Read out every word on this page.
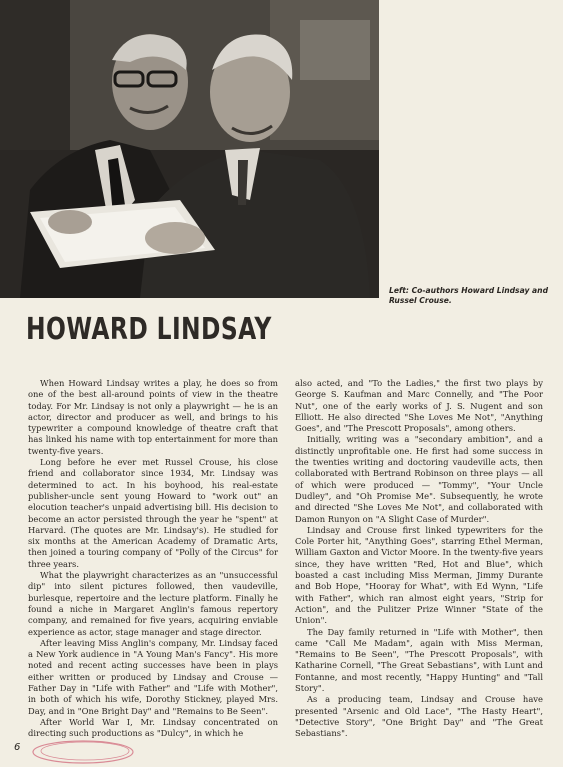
Left: Co-authors Howard Lindsay and Russel Crouse.

HOWARD LINDSAY

When Howard Lindsay writes a play, he does so from one of the best all-around points of view in the theatre today. For Mr. Lindsay is not only a playwright — he is an actor, director and producer as well, and brings to his typewriter a compound knowledge of theatre craft that has linked his name with top entertainment for more than twenty-five years.

Long before he ever met Russel Crouse, his close friend and collaborator since 1934, Mr. Lindsay was determined to act. In his boyhood, his real-estate publisher-uncle sent young Howard to "work out" an elocution teacher's unpaid advertising bill. His decision to become an actor persisted through the year he "spent" at Harvard. (The quotes are Mr. Lindsay's). He studied for six months at the American Academy of Dramatic Arts, then joined a touring company of "Polly of the Circus" for three years.

What the playwright characterizes as an "unsuccessful dip" into silent pictures followed, then vaudeville, burlesque, repertoire and the lecture platform. Finally he found a niche in Margaret Anglin's famous repertory company, and remained for five years, acquiring enviable experience as actor, stage manager and stage director.

After leaving Miss Anglin's company, Mr. Lindsay faced a New York audience in "A Young Man's Fancy". His more noted and recent acting successes have been in plays either written or produced by Lindsay and Crouse — Father Day in "Life with Father" and "Life with Mother", in both of which his wife, Dorothy Stickney, played Mrs. Day, and in "One Bright Day" and "Remains to Be Seen".

After World War I, Mr. Lindsay concentrated on directing such productions as "Dulcy", in which he

also acted, and "To the Ladies," the first two plays by George S. Kaufman and Marc Connelly, and "The Poor Nut", one of the early works of J. S. Nugent and son Elliott. He also directed "She Loves Me Not", "Anything Goes", and "The Prescott Proposals", among others.

Initially, writing was a "secondary ambition", and a distinctly unprofitable one. He first had some success in the twenties writing and doctoring vaudeville acts, then collaborated with Bertrand Robinson on three plays — all of which were produced — "Tommy", "Your Uncle Dudley", and "Oh Promise Me". Subsequently, he wrote and directed "She Loves Me Not", and collaborated with Damon Runyon on "A Slight Case of Murder".

Lindsay and Crouse first linked typewriters for the Cole Porter hit, "Anything Goes", starring Ethel Merman, William Gaxton and Victor Moore. In the twenty-five years since, they have written "Red, Hot and Blue", which boasted a cast including Miss Merman, Jimmy Durante and Bob Hope, "Hooray for What", with Ed Wynn, "Life with Father", which ran almost eight years, "Strip for Action", and the Pulitzer Prize Winner "State of the Union".

The Day family returned in "Life with Mother", then came "Call Me Madam", again with Miss Merman, "Remains to Be Seen", "The Prescott Proposals", with Katharine Cornell, "The Great Sebastians", with Lunt and Fontanne, and most recently, "Happy Hunting" and "Tall Story".

As a producing team, Lindsay and Crouse have presented "Arsenic and Old Lace", "The Hasty Heart", "Detective Story", "One Bright Day" and "The Great Sebastians".

6
